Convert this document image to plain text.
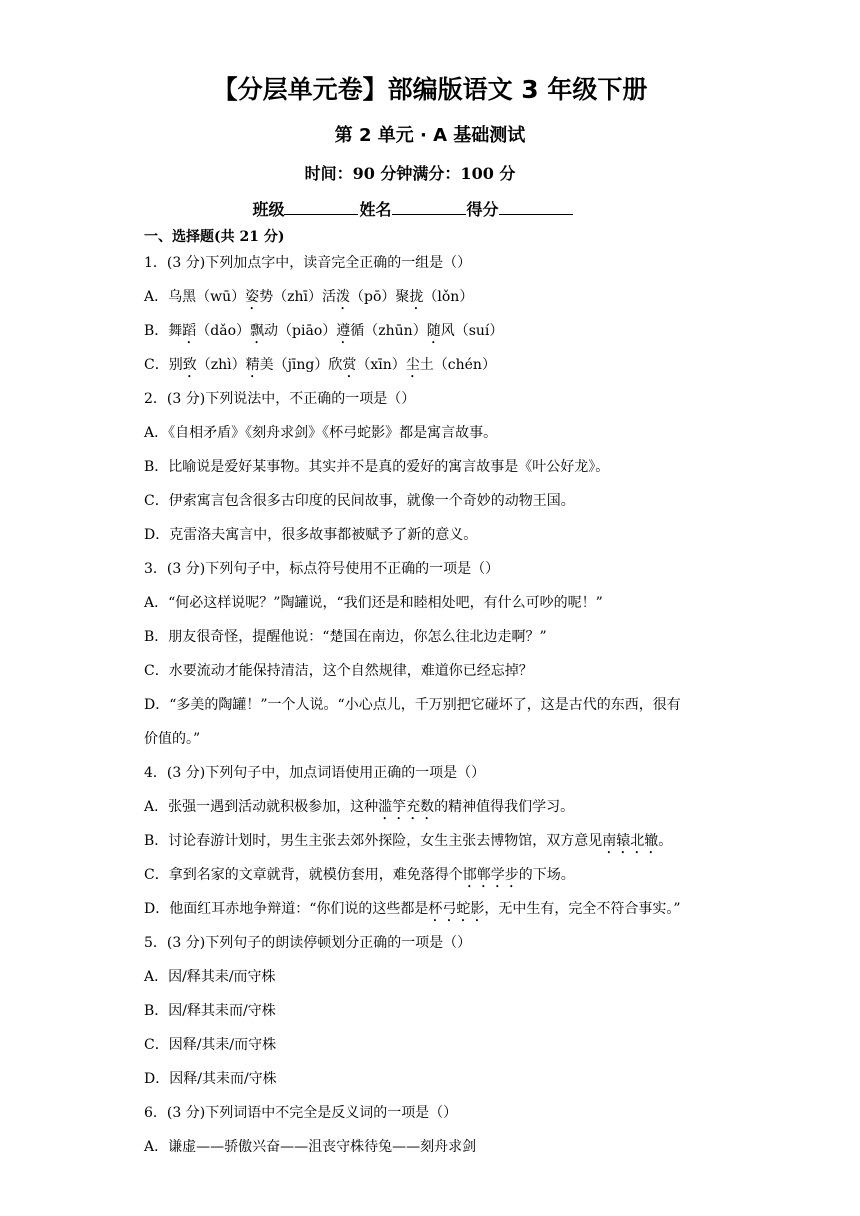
【分层单元卷】部编版语文 3 年级下册
第 2 单元 · A 基础测试
时间：90 分钟满分：100 分
班级	姓名	得分
一、选择题(共 21 分)
1．(3 分)下列加点字中，读音完全正确的一组是（）
A．乌黑（wū）姿势（zhī）活泼（pō）聚拢（lǒn）
B．舞蹈（dǎo）飘动（piāo）遵循（zhūn）随风（suí）
C．别致（zhì）精美（jīng）欣赏（xīn）尘土（chén）
2．(3 分)下列说法中，不正确的一项是（）
A．《自相矛盾》《刻舟求剑》《杯弓蛇影》都是寓言故事。
B．比喻说是爱好某事物。其实并不是真的爱好的寓言故事是《叶公好龙》。
C．伊索寓言包含很多古印度的民间故事，就像一个奇妙的动物王国。
D．克雷洛夫寓言中，很多故事都被赋予了新的意义。
3．(3 分)下列句子中，标点符号使用不正确的一项是（）
A．“何必这样说呢？”陶罐说，“我们还是和睦相处吧，有什么可吵的呢！”
B．朋友很奇怪，提醒他说：“楚国在南边，你怎么往北边走啊？”
C．水要流动才能保持清洁，这个自然规律，难道你已经忘掉？
D．“多美的陶罐！”一个人说。“小心点儿，千万别把它碰坏了，这是古代的东西，很有
价值的。”
4．(3 分)下列句子中，加点词语使用正确的一项是（）
A．张强一遇到活动就积极参加，这种滥竽充数的精神值得我们学习。
B．讨论春游计划时，男生主张去郊外探险，女生主张去博物馆，双方意见南辕北辙。
C．拿到名家的文章就背，就模仿套用，难免落得个邯郸学步的下场。
D．他面红耳赤地争辩道：“你们说的这些都是杯弓蛇影，无中生有，完全不符合事实。”
5．(3 分)下列句子的朗读停顿划分正确的一项是（）
A．因/释其耒/而守株
B．因/释其耒而/守株
C．因释/其耒/而守株
D．因释/其耒而/守株
6．(3 分)下列词语中不完全是反义词的一项是（）
A．谦虚——骄傲兴奋——沮丧守株待兔——刻舟求剑
